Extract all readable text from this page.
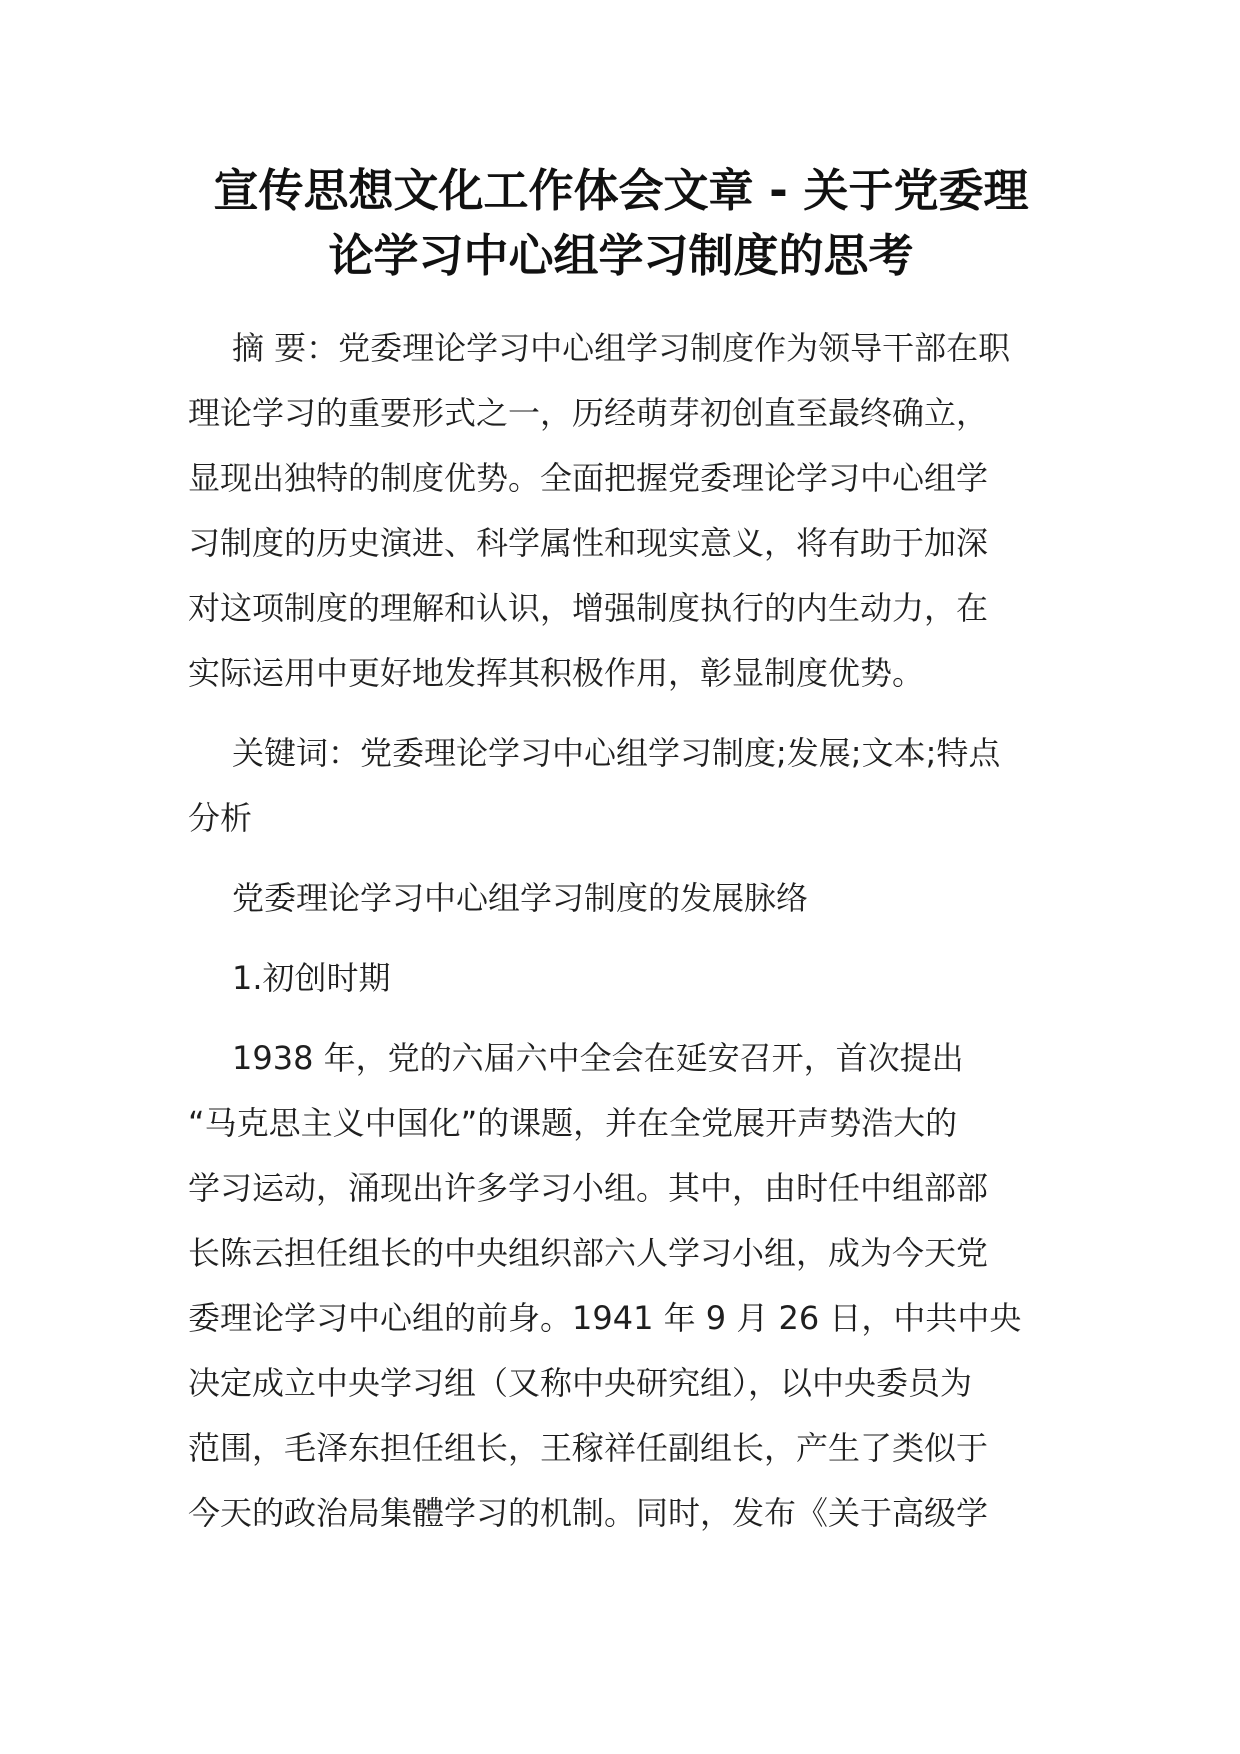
宣传思想文化工作体会文章 - 关于党委理
论学习中心组学习制度的思考
摘 要：党委理论学习中心组学习制度作为领导干部在职
理论学习的重要形式之一，历经萌芽初创直至最终确立，
显现出独特的制度优势。全面把握党委理论学习中心组学
习制度的历史演进、科学属性和现实意义，将有助于加深
对这项制度的理解和认识，增强制度执行的内生动力，在
实际运用中更好地发挥其积极作用，彰显制度优势。
关键词：党委理论学习中心组学习制度;发展;文本;特点
分析
党委理论学习中心组学习制度的发展脉络
1.初创时期
1938 年，党的六届六中全会在延安召开，首次提出
“马克思主义中国化”的课题，并在全党展开声势浩大的
学习运动，涌现出许多学习小组。其中，由时任中组部部
长陈云担任组长的中央组织部六人学习小组，成为今天党
委理论学习中心组的前身。1941 年 9 月 26 日，中共中央
决定成立中央学习组（又称中央研究组），以中央委员为
范围，毛泽东担任组长，王稼祥任副组长，产生了类似于
今天的政治局集體学习的机制。同时，发布《关于高级学
